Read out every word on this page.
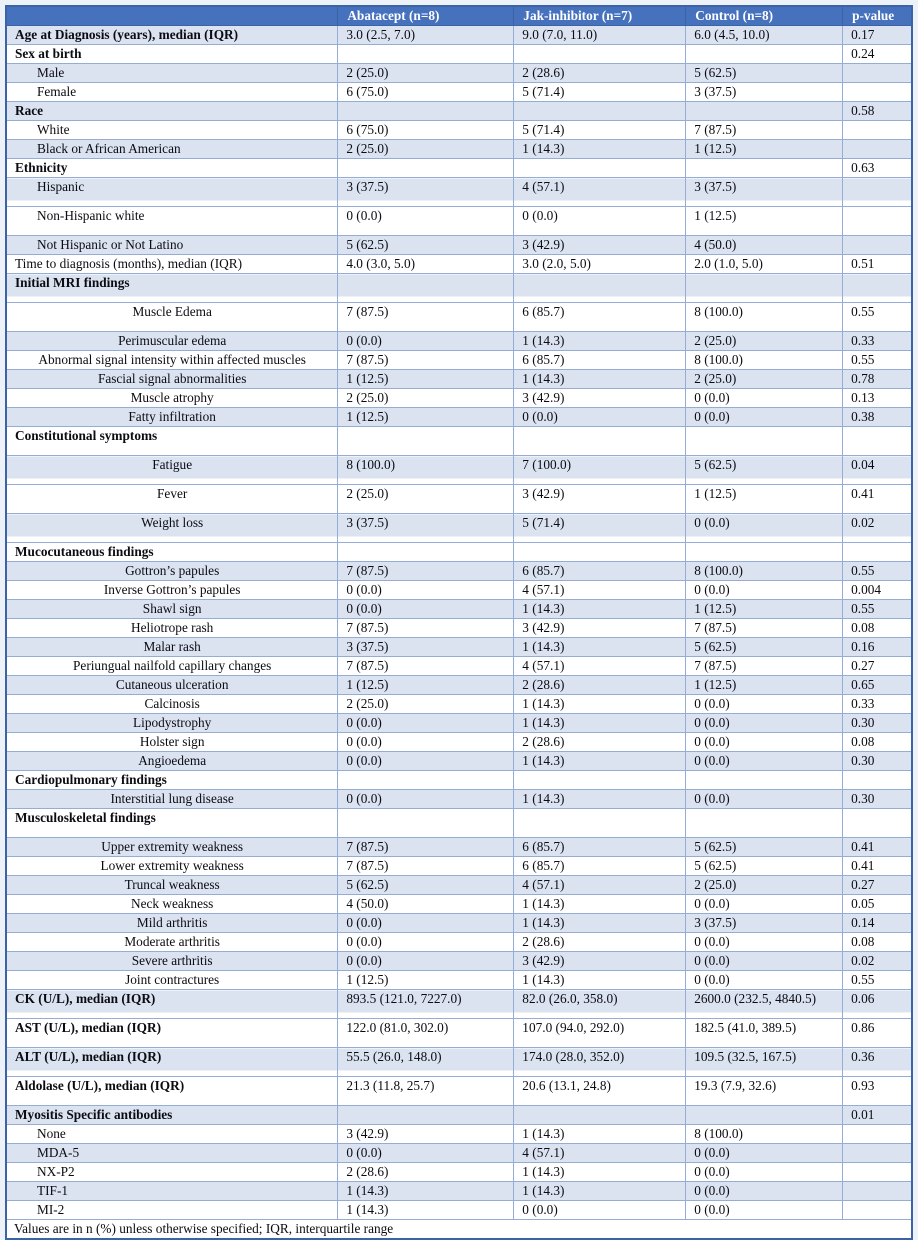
	Abatacept (n=8)	Jak-inhibitor (n=7)	Control (n=8)	p-value
Age at Diagnosis (years), median (IQR)	3.0 (2.5, 7.0)	9.0 (7.0, 11.0)	6.0 (4.5, 10.0)	0.17
Sex at birth				0.24
Male	2 (25.0)	2 (28.6)	5 (62.5)	
Female	6 (75.0)	5 (71.4)	3 (37.5)	
Race				0.58
White	6 (75.0)	5 (71.4)	7 (87.5)	
Black or African American	2 (25.0)	1 (14.3)	1 (12.5)	
Ethnicity				0.63
Hispanic	3 (37.5)	4 (57.1)	3 (37.5)	
Non-Hispanic white	0 (0.0)	0 (0.0)	1 (12.5)	
Not Hispanic or Not Latino	5 (62.5)	3 (42.9)	4 (50.0)	
Time to diagnosis (months), median (IQR)	4.0 (3.0, 5.0)	3.0 (2.0, 5.0)	2.0 (1.0, 5.0)	0.51
Initial MRI findings				
Muscle Edema	7 (87.5)	6 (85.7)	8 (100.0)	0.55
Perimuscular edema	0 (0.0)	1 (14.3)	2 (25.0)	0.33
Abnormal signal intensity within affected muscles	7 (87.5)	6 (85.7)	8 (100.0)	0.55
Fascial signal abnormalities	1 (12.5)	1 (14.3)	2 (25.0)	0.78
Muscle atrophy	2 (25.0)	3 (42.9)	0 (0.0)	0.13
Fatty infiltration	1 (12.5)	0 (0.0)	0 (0.0)	0.38
Constitutional symptoms				
Fatigue	8 (100.0)	7 (100.0)	5 (62.5)	0.04
Fever	2 (25.0)	3 (42.9)	1 (12.5)	0.41
Weight loss	3 (37.5)	5 (71.4)	0 (0.0)	0.02
Mucocutaneous findings				
Gottron’s papules	7 (87.5)	6 (85.7)	8 (100.0)	0.55
Inverse Gottron’s papules	0 (0.0)	4 (57.1)	0 (0.0)	0.004
Shawl sign	0 (0.0)	1 (14.3)	1 (12.5)	0.55
Heliotrope rash	7 (87.5)	3 (42.9)	7 (87.5)	0.08
Malar rash	3 (37.5)	1 (14.3)	5 (62.5)	0.16
Periungual nailfold capillary changes	7 (87.5)	4 (57.1)	7 (87.5)	0.27
Cutaneous ulceration	1 (12.5)	2 (28.6)	1 (12.5)	0.65
Calcinosis	2 (25.0)	1 (14.3)	0 (0.0)	0.33
Lipodystrophy	0 (0.0)	1 (14.3)	0 (0.0)	0.30
Holster sign	0 (0.0)	2 (28.6)	0 (0.0)	0.08
Angioedema	0 (0.0)	1 (14.3)	0 (0.0)	0.30
Cardiopulmonary findings				
Interstitial lung disease	0 (0.0)	1 (14.3)	0 (0.0)	0.30
Musculoskeletal findings				
Upper extremity weakness	7 (87.5)	6 (85.7)	5 (62.5)	0.41
Lower extremity weakness	7 (87.5)	6 (85.7)	5 (62.5)	0.41
Truncal weakness	5 (62.5)	4 (57.1)	2 (25.0)	0.27
Neck weakness	4 (50.0)	1 (14.3)	0 (0.0)	0.05
Mild arthritis	0 (0.0)	1 (14.3)	3 (37.5)	0.14
Moderate arthritis	0 (0.0)	2 (28.6)	0 (0.0)	0.08
Severe arthritis	0 (0.0)	3 (42.9)	0 (0.0)	0.02
Joint contractures	1 (12.5)	1 (14.3)	0 (0.0)	0.55
CK (U/L), median (IQR)	893.5 (121.0, 7227.0)	82.0 (26.0, 358.0)	2600.0 (232.5, 4840.5)	0.06
AST (U/L), median (IQR)	122.0 (81.0, 302.0)	107.0 (94.0, 292.0)	182.5 (41.0, 389.5)	0.86
ALT (U/L), median (IQR)	55.5 (26.0, 148.0)	174.0 (28.0, 352.0)	109.5 (32.5, 167.5)	0.36
Aldolase (U/L), median (IQR)	21.3 (11.8, 25.7)	20.6 (13.1, 24.8)	19.3 (7.9, 32.6)	0.93
Myositis Specific antibodies				0.01
None	3 (42.9)	1 (14.3)	8 (100.0)	
MDA-5	0 (0.0)	4 (57.1)	0 (0.0)	
NX-P2	2 (28.6)	1 (14.3)	0 (0.0)	
TIF-1	1 (14.3)	1 (14.3)	0 (0.0)	
MI-2	1 (14.3)	0 (0.0)	0 (0.0)	
Values are in n (%) unless otherwise specified; IQR, interquartile range				
